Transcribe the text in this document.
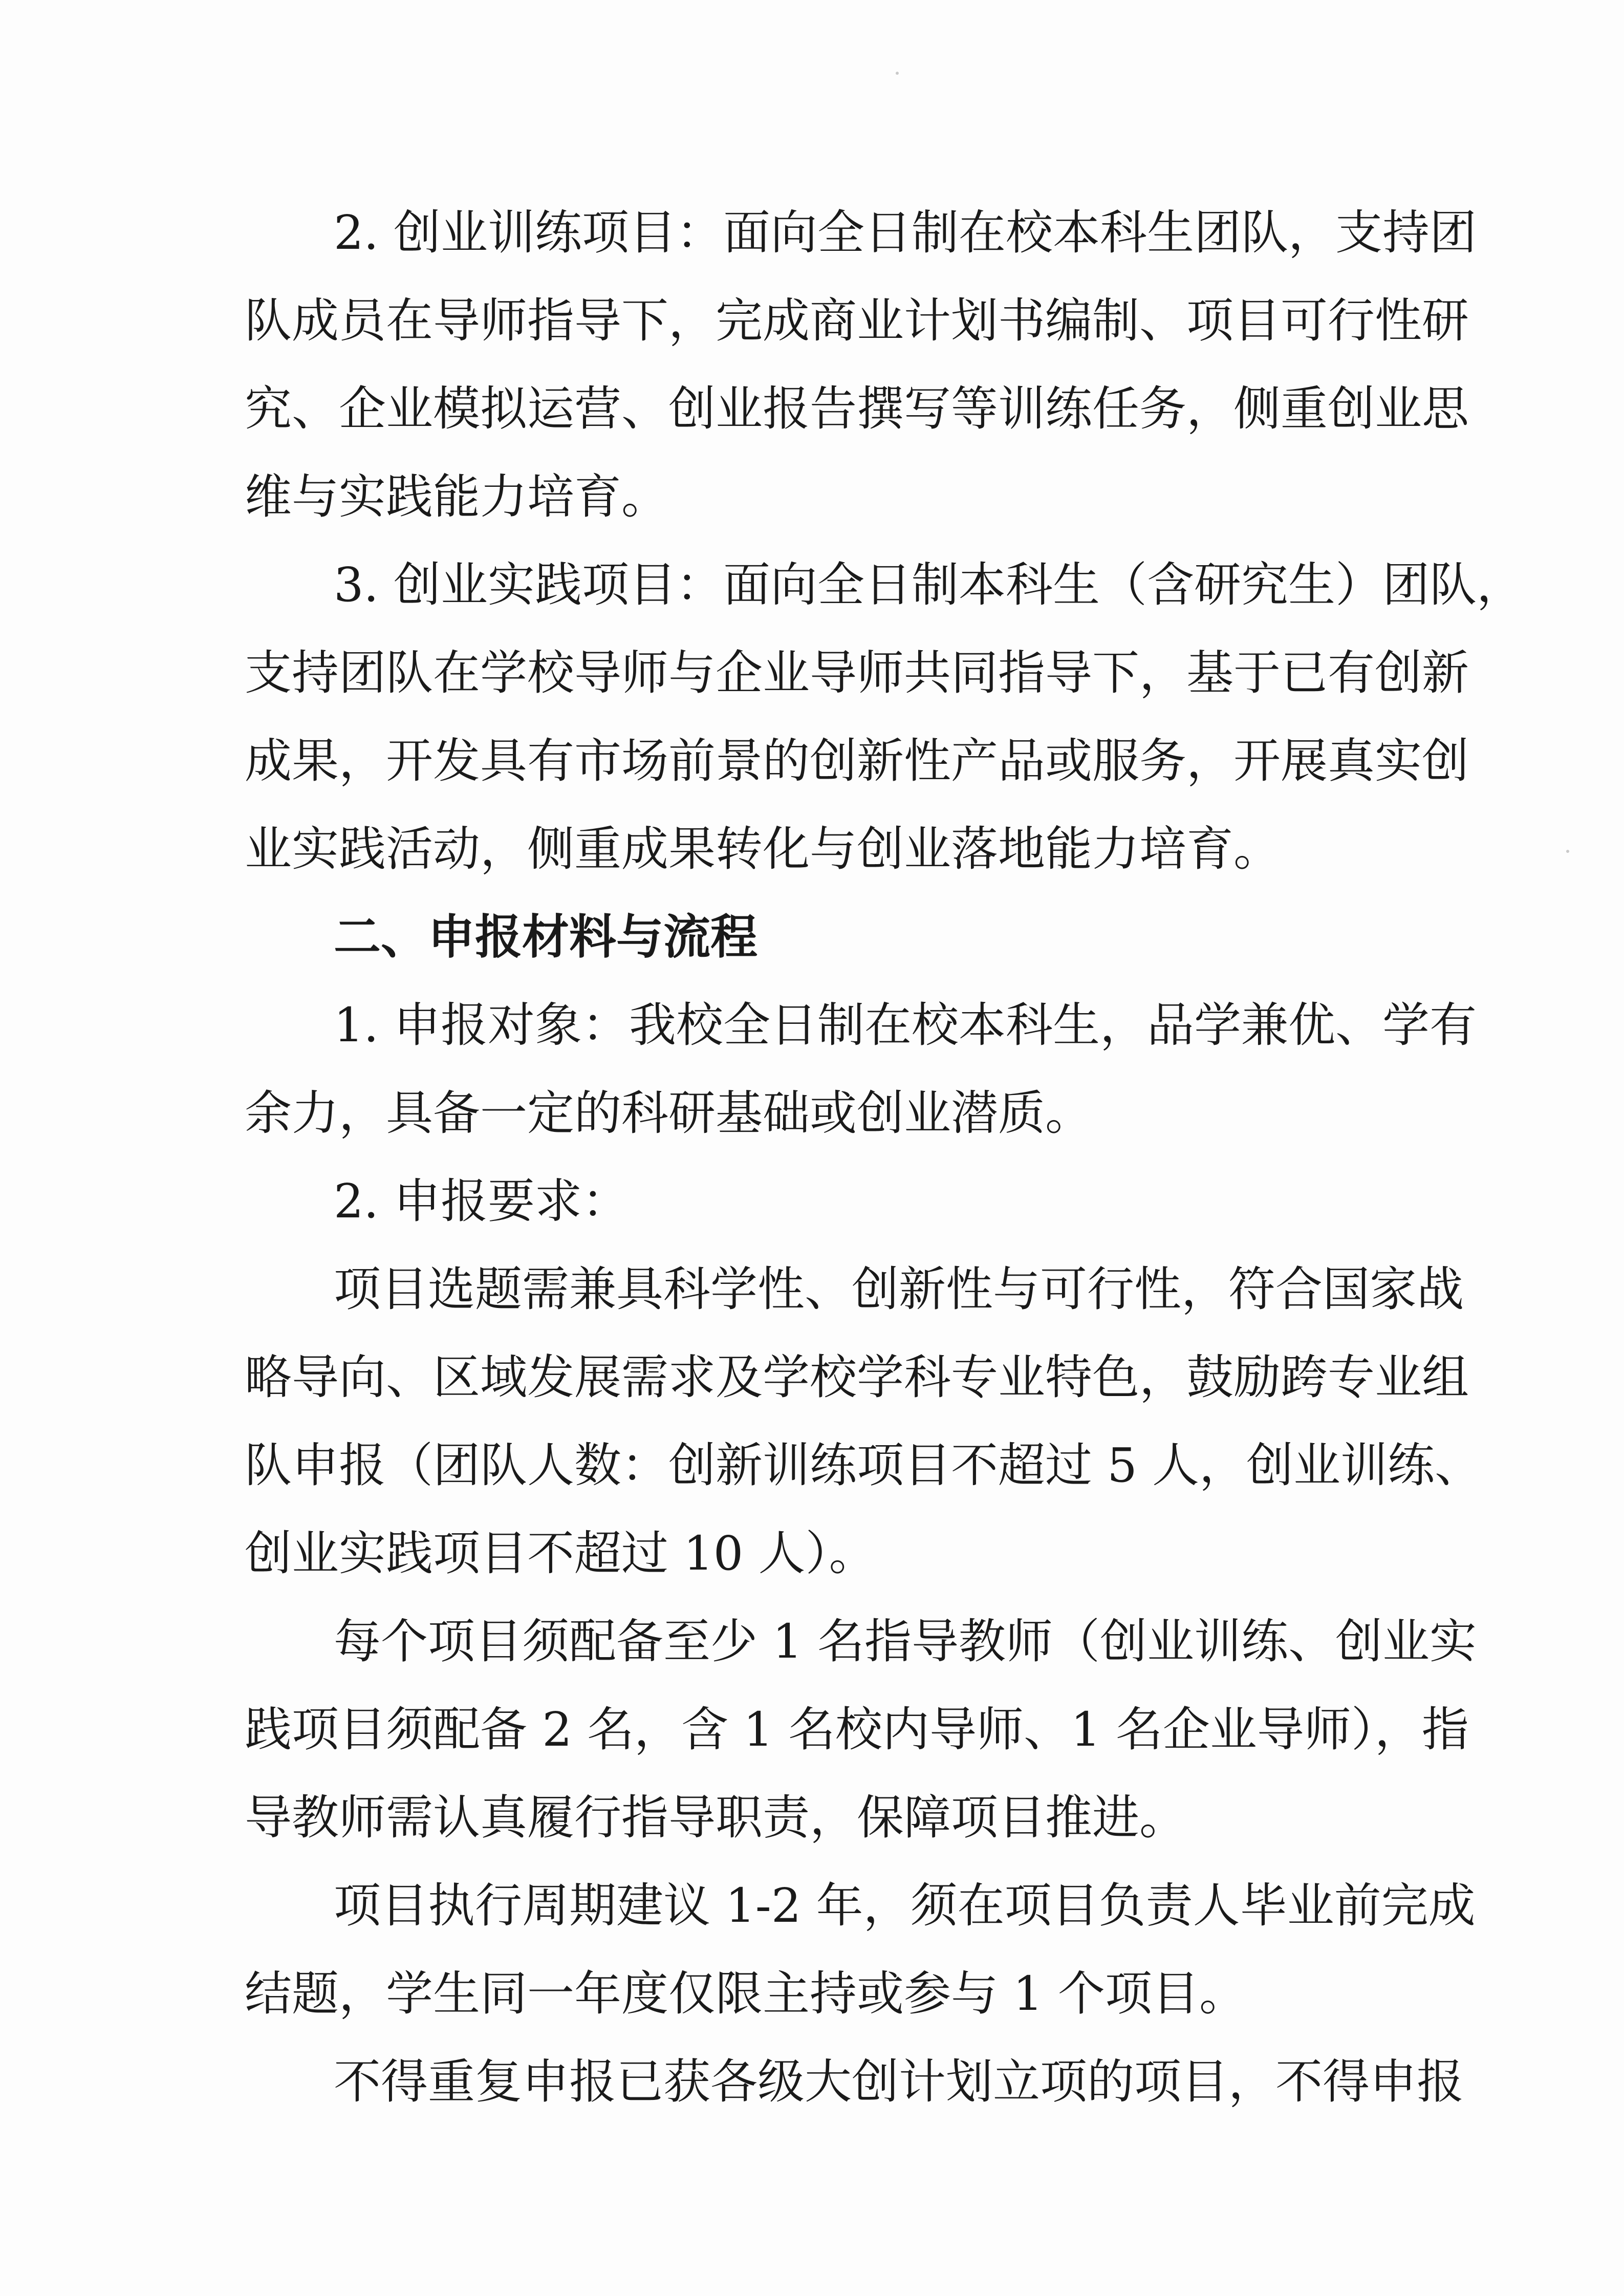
2. 创业训练项目：面向全日制在校本科生团队，支持团
队成员在导师指导下，完成商业计划书编制、项目可行性研
究、企业模拟运营、创业报告撰写等训练任务，侧重创业思
维与实践能力培育。
3. 创业实践项目：面向全日制本科生（含研究生）团队，
支持团队在学校导师与企业导师共同指导下，基于已有创新
成果，开发具有市场前景的创新性产品或服务，开展真实创
业实践活动，侧重成果转化与创业落地能力培育。
二、申报材料与流程
1. 申报对象：我校全日制在校本科生，品学兼优、学有
余力，具备一定的科研基础或创业潜质。
2. 申报要求：
项目选题需兼具科学性、创新性与可行性，符合国家战
略导向、区域发展需求及学校学科专业特色，鼓励跨专业组
队申报（团队人数：创新训练项目不超过 5 人，创业训练、
创业实践项目不超过 10 人）。
每个项目须配备至少 1 名指导教师（创业训练、创业实
践项目须配备 2 名，含 1 名校内导师、1 名企业导师），指
导教师需认真履行指导职责，保障项目推进。
项目执行周期建议 1-2 年，须在项目负责人毕业前完成
结题，学生同一年度仅限主持或参与 1 个项目。
不得重复申报已获各级大创计划立项的项目，不得申报
